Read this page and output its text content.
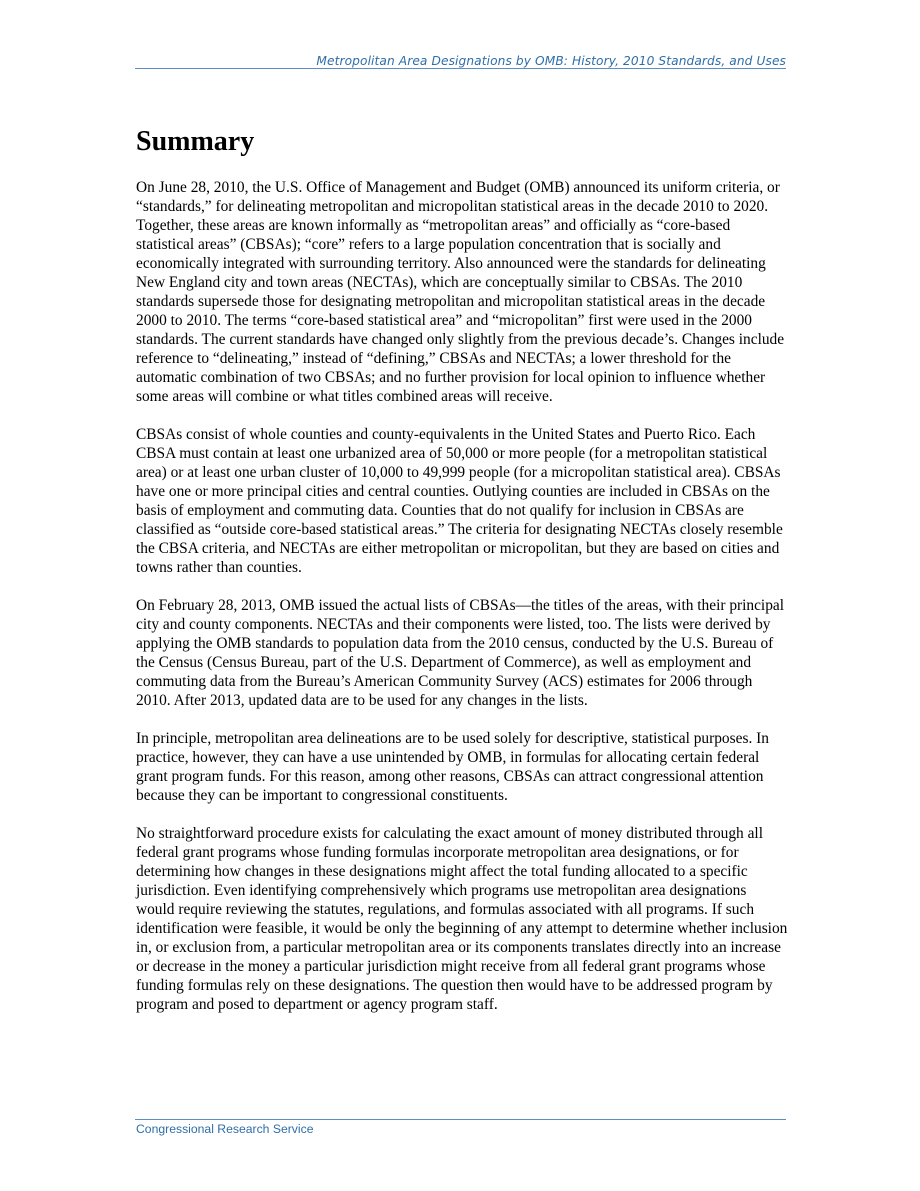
Metropolitan Area Designations by OMB: History, 2010 Standards, and Uses
Summary

On June 28, 2010, the U.S. Office of Management and Budget (OMB) announced its uniform criteria, or “standards,” for delineating metropolitan and micropolitan statistical areas in the decade 2010 to 2020. Together, these areas are known informally as “metropolitan areas” and officially as “core-based statistical areas” (CBSAs); “core” refers to a large population concentration that is socially and economically integrated with surrounding territory. Also announced were the standards for delineating New England city and town areas (NECTAs), which are conceptually similar to CBSAs. The 2010 standards supersede those for designating metropolitan and micropolitan statistical areas in the decade 2000 to 2010. The terms “core-based statistical area” and “micropolitan” first were used in the 2000 standards. The current standards have changed only slightly from the previous decade’s. Changes include reference to “delineating,” instead of “defining,” CBSAs and NECTAs; a lower threshold for the automatic combination of two CBSAs; and no further provision for local opinion to influence whether some areas will combine or what titles combined areas will receive.

CBSAs consist of whole counties and county-equivalents in the United States and Puerto Rico. Each CBSA must contain at least one urbanized area of 50,000 or more people (for a metropolitan statistical area) or at least one urban cluster of 10,000 to 49,999 people (for a micropolitan statistical area). CBSAs have one or more principal cities and central counties. Outlying counties are included in CBSAs on the basis of employment and commuting data. Counties that do not qualify for inclusion in CBSAs are classified as “outside core-based statistical areas.” The criteria for designating NECTAs closely resemble the CBSA criteria, and NECTAs are either metropolitan or micropolitan, but they are based on cities and towns rather than counties.

On February 28, 2013, OMB issued the actual lists of CBSAs—the titles of the areas, with their principal city and county components. NECTAs and their components were listed, too. The lists were derived by applying the OMB standards to population data from the 2010 census, conducted by the U.S. Bureau of the Census (Census Bureau, part of the U.S. Department of Commerce), as well as employment and commuting data from the Bureau’s American Community Survey (ACS) estimates for 2006 through 2010. After 2013, updated data are to be used for any changes in the lists.

In principle, metropolitan area delineations are to be used solely for descriptive, statistical purposes. In practice, however, they can have a use unintended by OMB, in formulas for allocating certain federal grant program funds. For this reason, among other reasons, CBSAs can attract congressional attention because they can be important to congressional constituents.

No straightforward procedure exists for calculating the exact amount of money distributed through all federal grant programs whose funding formulas incorporate metropolitan area designations, or for determining how changes in these designations might affect the total funding allocated to a specific jurisdiction. Even identifying comprehensively which programs use metropolitan area designations would require reviewing the statutes, regulations, and formulas associated with all programs. If such identification were feasible, it would be only the beginning of any attempt to determine whether inclusion in, or exclusion from, a particular metropolitan area or its components translates directly into an increase or decrease in the money a particular jurisdiction might receive from all federal grant programs whose funding formulas rely on these designations. The question then would have to be addressed program by program and posed to department or agency program staff.

Congressional Research Service
